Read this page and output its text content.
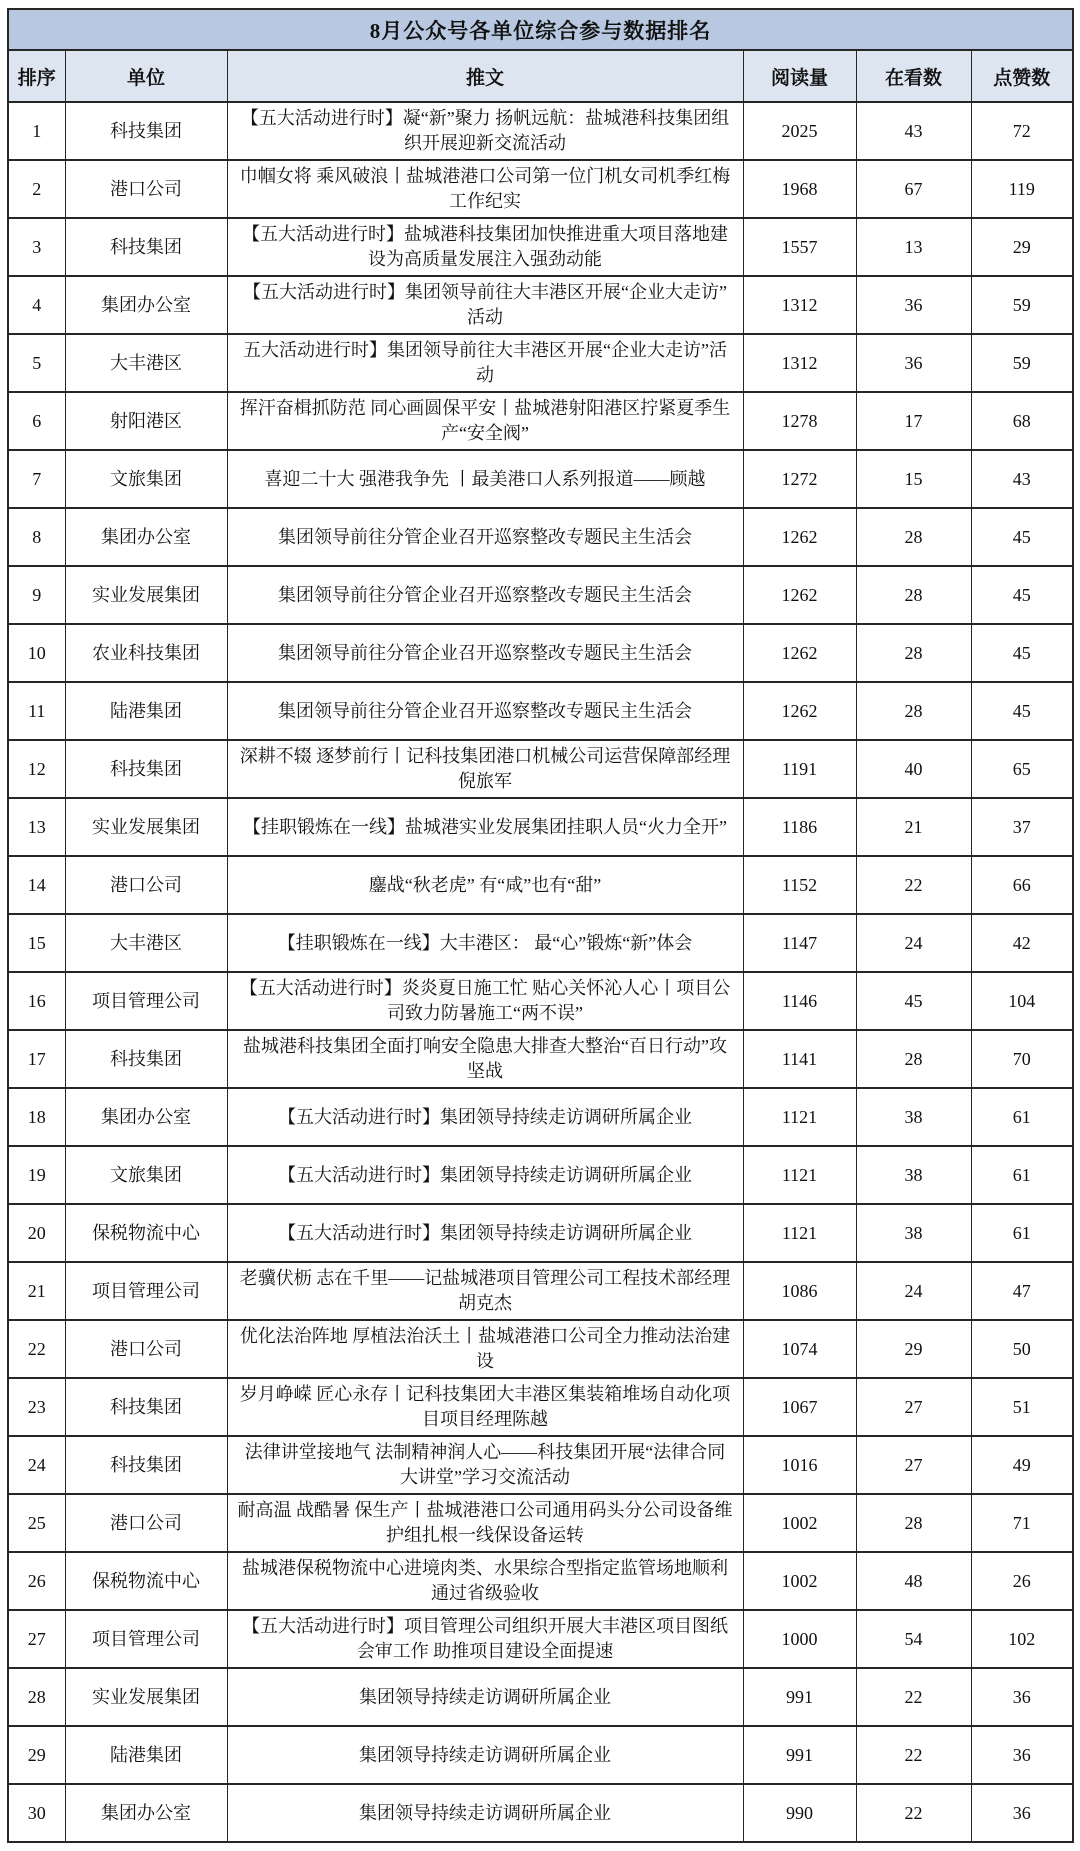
8月公众号各单位综合参与数据排名					
排序	单位	推文	阅读量	在看数	点赞数
1	科技集团	【五大活动进行时】凝“新”聚力 扬帆远航：盐城港科技集团组织开展迎新交流活动	2025	43	72
2	港口公司	巾帼女将 乘风破浪丨盐城港港口公司第一位门机女司机季红梅工作纪实	1968	67	119
3	科技集团	【五大活动进行时】盐城港科技集团加快推进重大项目落地建设为高质量发展注入强劲动能	1557	13	29
4	集团办公室	【五大活动进行时】集团领导前往大丰港区开展“企业大走访”活动	1312	36	59
5	大丰港区	五大活动进行时】集团领导前往大丰港区开展“企业大走访”活动	1312	36	59
6	射阳港区	挥汗奋楫抓防范 同心画圆保平安丨盐城港射阳港区拧紧夏季生产“安全阀”	1278	17	68
7	文旅集团	喜迎二十大 强港我争先 丨最美港口人系列报道——顾越	1272	15	43
8	集团办公室	集团领导前往分管企业召开巡察整改专题民主生活会	1262	28	45
9	实业发展集团	集团领导前往分管企业召开巡察整改专题民主生活会	1262	28	45
10	农业科技集团	集团领导前往分管企业召开巡察整改专题民主生活会	1262	28	45
11	陆港集团	集团领导前往分管企业召开巡察整改专题民主生活会	1262	28	45
12	科技集团	深耕不辍 逐梦前行丨记科技集团港口机械公司运营保障部经理倪旅军	1191	40	65
13	实业发展集团	【挂职锻炼在一线】盐城港实业发展集团挂职人员“火力全开”	1186	21	37
14	港口公司	鏖战“秋老虎” 有“咸”也有“甜”	1152	22	66
15	大丰港区	【挂职锻炼在一线】大丰港区： 最“心”锻炼“新”体会	1147	24	42
16	项目管理公司	【五大活动进行时】炎炎夏日施工忙 贴心关怀沁人心丨项目公司致力防暑施工“两不误”	1146	45	104
17	科技集团	盐城港科技集团全面打响安全隐患大排查大整治“百日行动”攻坚战	1141	28	70
18	集团办公室	【五大活动进行时】集团领导持续走访调研所属企业	1121	38	61
19	文旅集团	【五大活动进行时】集团领导持续走访调研所属企业	1121	38	61
20	保税物流中心	【五大活动进行时】集团领导持续走访调研所属企业	1121	38	61
21	项目管理公司	老骥伏枥 志在千里——记盐城港项目管理公司工程技术部经理胡克杰	1086	24	47
22	港口公司	优化法治阵地 厚植法治沃土丨盐城港港口公司全力推动法治建设	1074	29	50
23	科技集团	岁月峥嵘 匠心永存丨记科技集团大丰港区集装箱堆场自动化项目项目经理陈越	1067	27	51
24	科技集团	法律讲堂接地气 法制精神润人心——科技集团开展“法律合同大讲堂”学习交流活动	1016	27	49
25	港口公司	耐高温 战酷暑 保生产丨盐城港港口公司通用码头分公司设备维护组扎根一线保设备运转	1002	28	71
26	保税物流中心	盐城港保税物流中心进境肉类、水果综合型指定监管场地顺利通过省级验收	1002	48	26
27	项目管理公司	【五大活动进行时】项目管理公司组织开展大丰港区项目图纸会审工作 助推项目建设全面提速	1000	54	102
28	实业发展集团	集团领导持续走访调研所属企业	991	22	36
29	陆港集团	集团领导持续走访调研所属企业	991	22	36
30	集团办公室	集团领导持续走访调研所属企业	990	22	36
